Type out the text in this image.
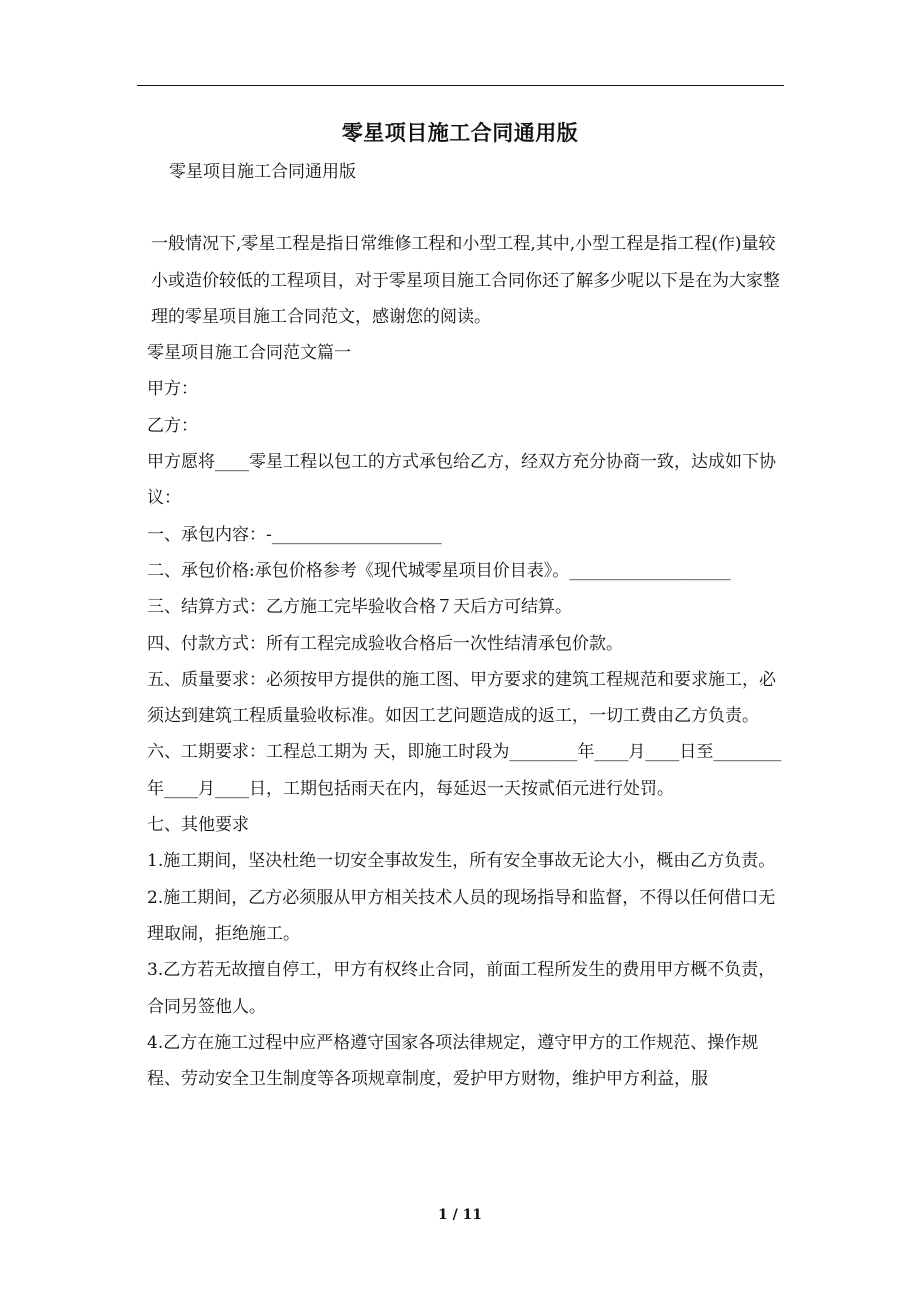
零星项目施工合同通用版

零星项目施工合同通用版

一般情况下,零星工程是指日常维修工程和小型工程,其中,小型工程是指工程(作)量较小或造价较低的工程项目，对于零星项目施工合同你还了解多少呢以下是在为大家整理的零星项目施工合同范文，感谢您的阅读。

零星项目施工合同范文篇一

甲方：

乙方：

甲方愿将____零星工程以包工的方式承包给乙方，经双方充分协商一致，达成如下协议：

一、承包内容：-____________________

二、承包价格:承包价格参考《现代城零星项目价目表》。___________________

三、结算方式：乙方施工完毕验收合格７天后方可结算。

四、付款方式：所有工程完成验收合格后一次性结清承包价款。

五、质量要求：必须按甲方提供的施工图、甲方要求的建筑工程规范和要求施工，必须达到建筑工程质量验收标准。如因工艺问题造成的返工，一切工费由乙方负责。

六、工期要求：工程总工期为 天，即施工时段为________年____月____日至________年____月____日，工期包括雨天在内，每延迟一天按贰佰元进行处罚。

七、其他要求

1.施工期间，坚决杜绝一切安全事故发生，所有安全事故无论大小，概由乙方负责。

2.施工期间，乙方必须服从甲方相关技术人员的现场指导和监督，不得以任何借口无理取闹，拒绝施工。

3.乙方若无故擅自停工，甲方有权终止合同，前面工程所发生的费用甲方概不负责，合同另签他人。

4.乙方在施工过程中应严格遵守国家各项法律规定，遵守甲方的工作规范、操作规程、劳动安全卫生制度等各项规章制度，爱护甲方财物，维护甲方利益，服

1 / 11
